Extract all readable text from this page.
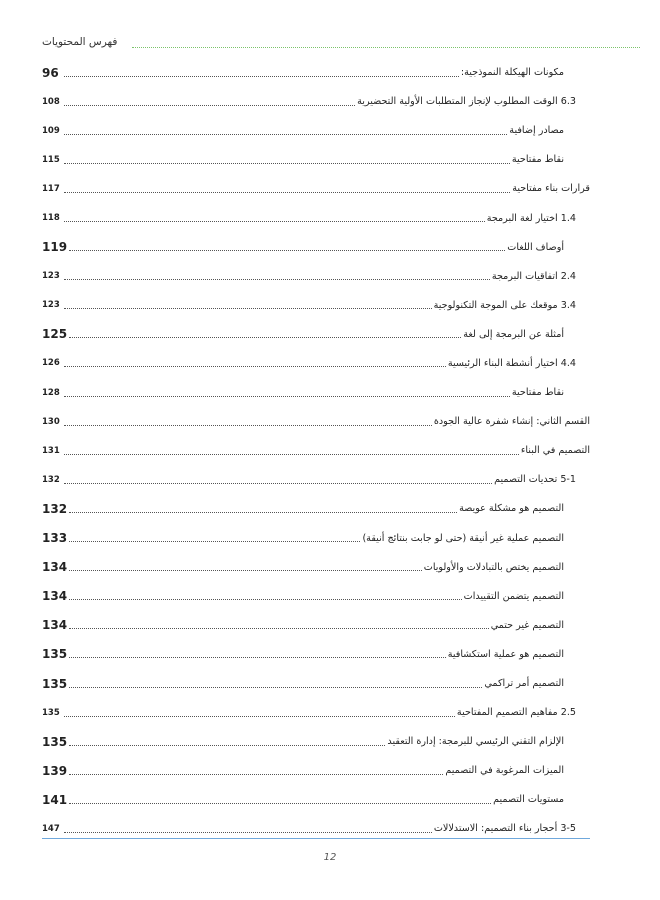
فهرس المحتويات
96	مكونات الهيكلة النموذجية:
108	6.3 الوقت المطلوب لإنجاز المتطلبات الأولية التحضيرية
109	مصادر إضافية
115	نقاط مفتاحية
117	قرارات بناء مفتاحية
118	1.4 اختيار لغة البرمجة
119	أوصاف اللغات
123	2.4 اتفاقيات البرمجة
123	3.4 موقعك على الموجة التكنولوجية
125	أمثلة عن البرمجة إلى لغة
126	4.4 اختيار أنشطة البناء الرئيسية
128	نقاط مفتاحية
130	القسم الثاني: إنشاء شفرة عالية الجودة
131	التصميم في البناء
132	5-1 تحديات التصميم
132	التصميم هو مشكلة عويصة
133	التصميم عملية غير أنيقة (حتى لو جابت بنتائج أنيقة)
134	التصميم يختص بالتبادلات والأولويات
134	التصميم يتضمن التقييدات
134	التصميم غير حتمي
135	التصميم هو عملية استكشافية
135	التصميم أمر تراكمي
135	2.5 مفاهيم التصميم المفتاحية
135	الإلزام التقني الرئيسي للبرمجة: إدارة التعقيد
139	الميزات المرغوبة في التصميم
141	مستويات التصميم
147	3-5 أحجار بناء التصميم: الاستدلالات
12
